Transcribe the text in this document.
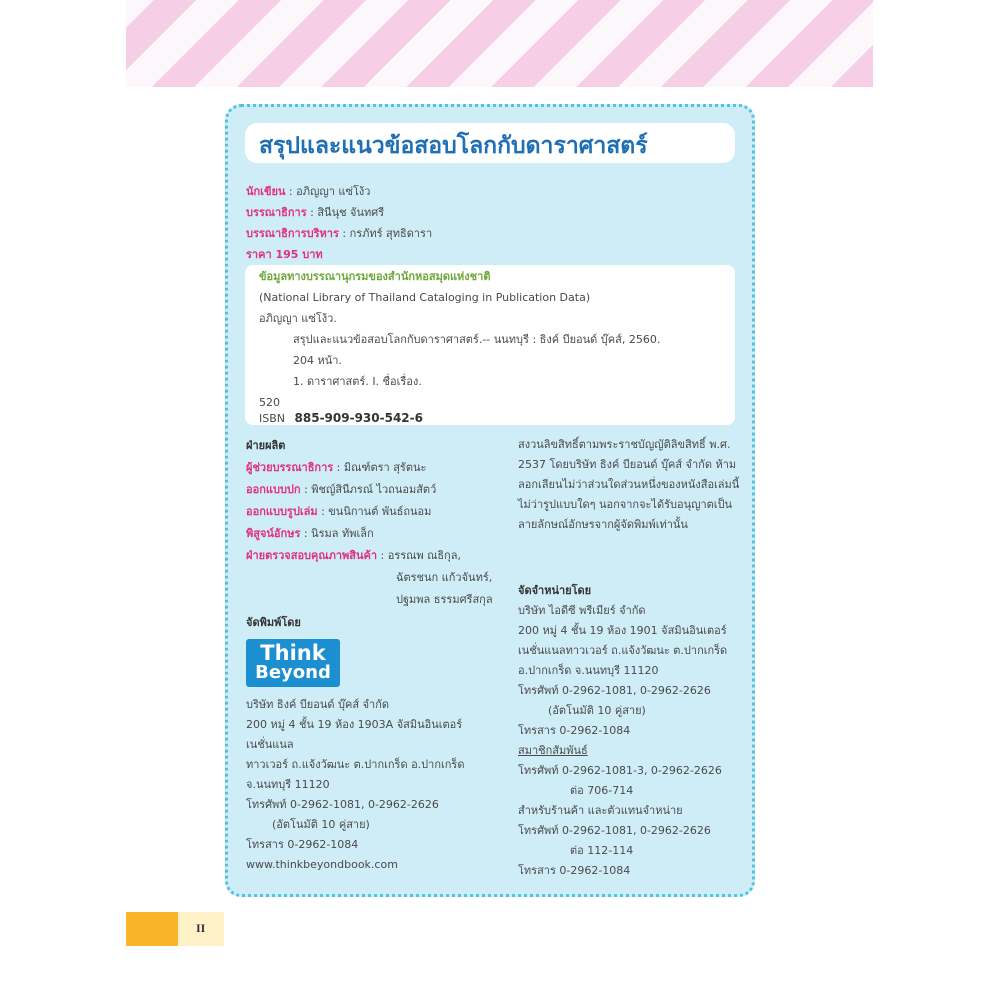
สรุปและแนวข้อสอบโลกกับดาราศาสตร์
นักเขียน : อภิญญา แซ่โง้ว
บรรณาธิการ : สินีนุช จันทศรี
บรรณาธิการบริหาร : กรภัทร์ สุทธิดารา
ราคา 195 บาท
ข้อมูลทางบรรณานุกรมของสำนักหอสมุดแห่งชาติ
(National Library of Thailand Cataloging in Publication Data)
อภิญญา แซ่โง้ว.
สรุปและแนวข้อสอบโลกกับดาราศาสตร์.-- นนทบุรี : ธิงค์ บียอนด์ บุ๊คส์, 2560.
204 หน้า.
1. ดาราศาสตร์. I. ชื่อเรื่อง.
520
ISBN 885-909-930-542-6
ฝ่ายผลิต
ผู้ช่วยบรรณาธิการ : มิณฑ์ตรา สุรัตนะ
ออกแบบปก : พิชญ์สินีภรณ์ ไวถนอมสัตว์
ออกแบบรูปเล่ม : ขนนิกานต์ พันธ์ถนอม
พิสูจน์อักษร : นิรมล ทัพเล็ก
ฝ่ายตรวจสอบคุณภาพสินค้า : อรรณพ ณธิกุล,
ฉัตรชนก แก้วจันทร์,
ปฐมพล ธรรมศรีสกุล
สงวนลิขสิทธิ์ตามพระราชบัญญัติลิขสิทธิ์ พ.ศ. 2537 โดยบริษัท ธิงค์ บียอนด์ บุ๊คส์ จำกัด ห้ามลอกเลียนไม่ว่าส่วนใดส่วนหนึ่งของหนังสือเล่มนี้ ไม่ว่ารูปแบบใดๆ นอกจากจะได้รับอนุญาตเป็นลายลักษณ์อักษรจากผู้จัดพิมพ์เท่านั้น
จัดพิมพ์โดย
Think
Beyond
บริษัท ธิงค์ บียอนด์ บุ๊คส์ จำกัด
200 หมู่ 4 ชั้น 19 ห้อง 1903A จัสมินอินเตอร์เนชั่นแนล
ทาวเวอร์ ถ.แจ้งวัฒนะ ต.ปากเกร็ด อ.ปากเกร็ด
จ.นนทบุรี 11120
โทรศัพท์ 0-2962-1081, 0-2962-2626
(อัตโนมัติ 10 คู่สาย)
โทรสาร 0-2962-1084
www.thinkbeyondbook.com
จัดจำหน่ายโดย
บริษัท ไอดีซี พรีเมียร์ จำกัด
200 หมู่ 4 ชั้น 19 ห้อง 1901 จัสมินอินเตอร์
เนชั่นแนลทาวเวอร์ ถ.แจ้งวัฒนะ ต.ปากเกร็ด
อ.ปากเกร็ด จ.นนทบุรี 11120
โทรศัพท์ 0-2962-1081, 0-2962-2626
(อัตโนมัติ 10 คู่สาย)
โทรสาร 0-2962-1084
สมาชิกสัมพันธ์
โทรศัพท์ 0-2962-1081-3, 0-2962-2626
ต่อ 706-714
สำหรับร้านค้า และตัวแทนจำหน่าย
โทรศัพท์ 0-2962-1081, 0-2962-2626
ต่อ 112-114
โทรสาร 0-2962-1084
II
